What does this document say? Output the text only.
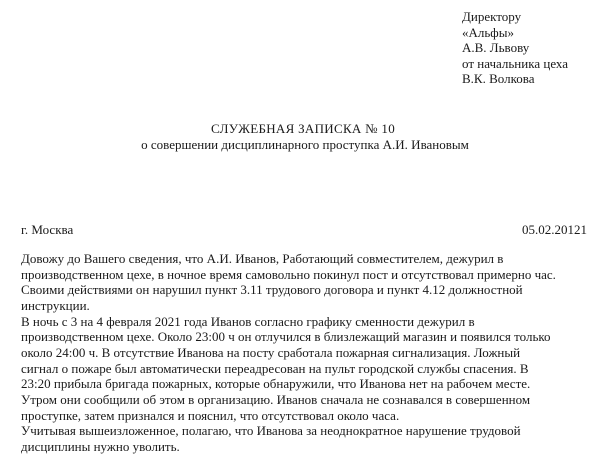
Директору
«Альфы»
А.В. Львову
от начальника цеха
В.К. Волкова
СЛУЖЕБНАЯ ЗАПИСКА № 10
о совершении дисциплинарного проступка А.И. Ивановым
г. Москва	05.02.20121
Довожу до Вашего сведения, что А.И. Иванов, Работающий совместителем, дежурил в
производственном цехе, в ночное время самовольно покинул пост и отсутствовал примерно час.
Своими действиями он нарушил пункт 3.11 трудового договора и пункт 4.12 должностной
инструкции.
В ночь с 3 на 4 февраля 2021 года Иванов согласно графику сменности дежурил в
производственном цехе. Около 23:00 ч он отлучился в близлежащий магазин и появился только
около 24:00 ч. В отсутствие Иванова на посту сработала пожарная сигнализация. Ложный
сигнал о пожаре был автоматически переадресован на пульт городской службы спасения. В
23:20 прибыла бригада пожарных, которые обнаружили, что Иванова нет на рабочем месте.
Утром они сообщили об этом в организацию. Иванов сначала не сознавался в совершенном
проступке, затем признался и пояснил, что отсутствовал около часа.
Учитывая вышеизложенное, полагаю, что Иванова за неоднократное нарушение трудовой
дисциплины нужно уволить.
